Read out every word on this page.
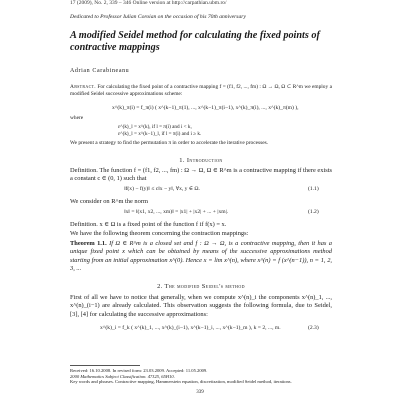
17 (2009), No. 2, 339 – 346 Online version at http://carpathian.ubm.ro/
Dedicated to Professor Iulian Coroian on the occasion of his 70th anniversary
A modified Seidel method for calculating the fixed points of contractive mappings
Adrian Carabineanu
Abstract. For calculating the fixed point of a contractive mapping f = (f1, f2, ..., fm) : Ω → Ω, Ω ⊂ R^m we employ a modified Seidel successive approximations scheme:
x^(k)_π(i) = f_π(i) ( x^(k−1)_π(1), ..., x^(k−1)_π(i−1), x^(k)_π(i), ..., x^(k)_π(m) ),
where
ε^(k)_l = x^(k), if l = π(i) and i < k,
ε^(k)_l = x^(k−1)_l, if l = π(i) and i ≥ k.
We present a strategy to find the permutation π in order to accelerate the iterative processes.
1. Introduction
Definition. The function f = (f1, f2, ..., fm) : Ω → Ω, Ω ∈ R^m is a contractive mapping if there exists a constant c ∈ (0, 1) such that
‖f(x) − f(y)‖ ≤ c‖x − y‖, ∀x, y ∈ Ω.	(1.1)
We consider on R^m the norm
‖x‖ = ‖(x1, x2, ..., xm)‖ = |x1| + |x2| + ... + |xm|.	(1.2)
Definition. x ∈ Ω is a fixed point of the function f if f(x) = x.
We have the following theorem concerning the contraction mappings:
Theorem 1.1. If Ω ∈ R^m is a closed set and f : Ω → Ω, is a contractive mapping, then it has a unique fixed point x which can be obtained by means of the successive approximations method starting from an initial approximation x^(0). Hence x = lim x^(n), where x^(n) = f (x^(n−1)), n = 1, 2, 3, ...
2. The modified Seidel's method
First of all we have to notice that generally, when we compute x^(n)_i the components x^(n)_1, ..., x^(n)_(i−1) are already calculated. This observation suggests the following formula, due to Seidel, [3], [4] for calculating the successive approximations:
x^(k)_i = f_k ( x^(k)_1, ..., x^(k)_(i−1), x^(k−1)_i, ..., x^(k−1)_m ), k = 2, ..., m.	(2.3)
Received: 16.10.2008. In revised form: 23.03.2009. Accepted: 11.05.2009.
2000 Mathematics Subject Classification. 47J25, 65H10.
Key words and phrases. Contractive mapping, Hammerstein equation, discretization, modified Seidel method, iterations.
339
